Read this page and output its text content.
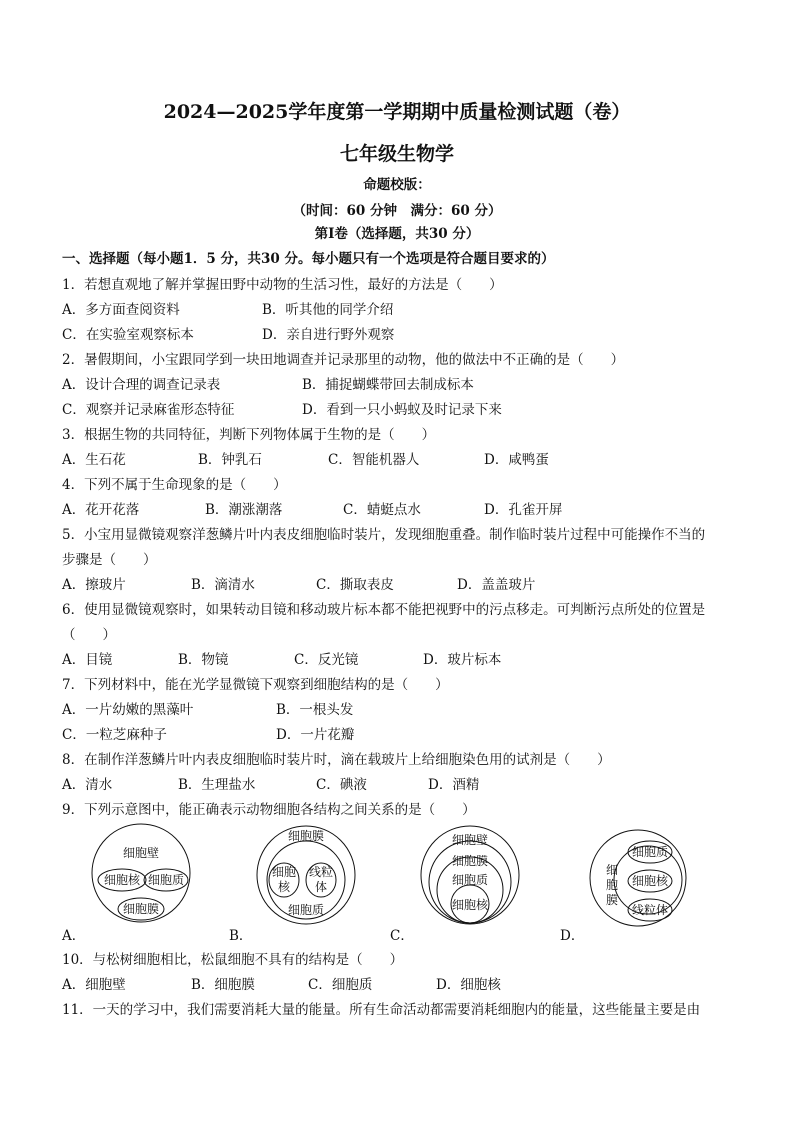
2024—2025学年度第一学期期中质量检测试题（卷）
七年级生物学
命题校版：
（时间：60 分钟　满分：60 分）
第Ⅰ卷（选择题，共30 分）
一、选择题（每小题1．5 分，共30 分。每小题只有一个选项是符合题目要求的）
1．若想直观地了解并掌握田野中动物的生活习性，最好的方法是（　　）
A．多方面查阅资料	B．听其他的同学介绍
C．在实验室观察标本	D．亲自进行野外观察
2．暑假期间，小宝跟同学到一块田地调查并记录那里的动物，他的做法中不正确的是（　　）
A．设计合理的调查记录表	B．捕捉蝴蝶带回去制成标本
C．观察并记录麻雀形态特征	D．看到一只小蚂蚁及时记录下来
3．根据生物的共同特征，判断下列物体属于生物的是（　　）
A．生石花	B．钟乳石	C．智能机器人	D．咸鸭蛋
4．下列不属于生命现象的是（　　）
A．花开花落	B．潮涨潮落	C．蜻蜓点水	D．孔雀开屏
5．小宝用显微镜观察洋葱鳞片叶内表皮细胞临时装片，发现细胞重叠。制作临时装片过程中可能操作不当的
步骤是（　　）
A．擦玻片	B．滴清水	C．撕取表皮	D．盖盖玻片
6．使用显微镜观察时，如果转动目镜和移动玻片标本都不能把视野中的污点移走。可判断污点所处的位置是
（　　）
A．目镜	B．物镜	C．反光镜	D．玻片标本
7．下列材料中，能在光学显微镜下观察到细胞结构的是（　　）
A．一片幼嫩的黑藻叶	B．一根头发
C．一粒芝麻种子	D．一片花瓣
8．在制作洋葱鳞片叶内表皮细胞临时装片时，滴在载玻片上给细胞染色用的试剂是（　　）
A．清水	B．生理盐水	C．碘液	D．酒精
9．下列示意图中，能正确表示动物细胞各结构之间关系的是（　　）
细胞壁
细胞核 细胞质
细胞膜
细胞膜
细胞
核
线粒
体
细胞质
细胞壁
细胞膜
细胞质
细胞核
细
胞
膜
细胞质
细胞核
线粒体
A．	B．	C．	D．
10．与松树细胞相比，松鼠细胞不具有的结构是（　　）
A．细胞壁	B．细胞膜	C．细胞质	D．细胞核
11．一天的学习中，我们需要消耗大量的能量。所有生命活动都需要消耗细胞内的能量，这些能量主要是由
